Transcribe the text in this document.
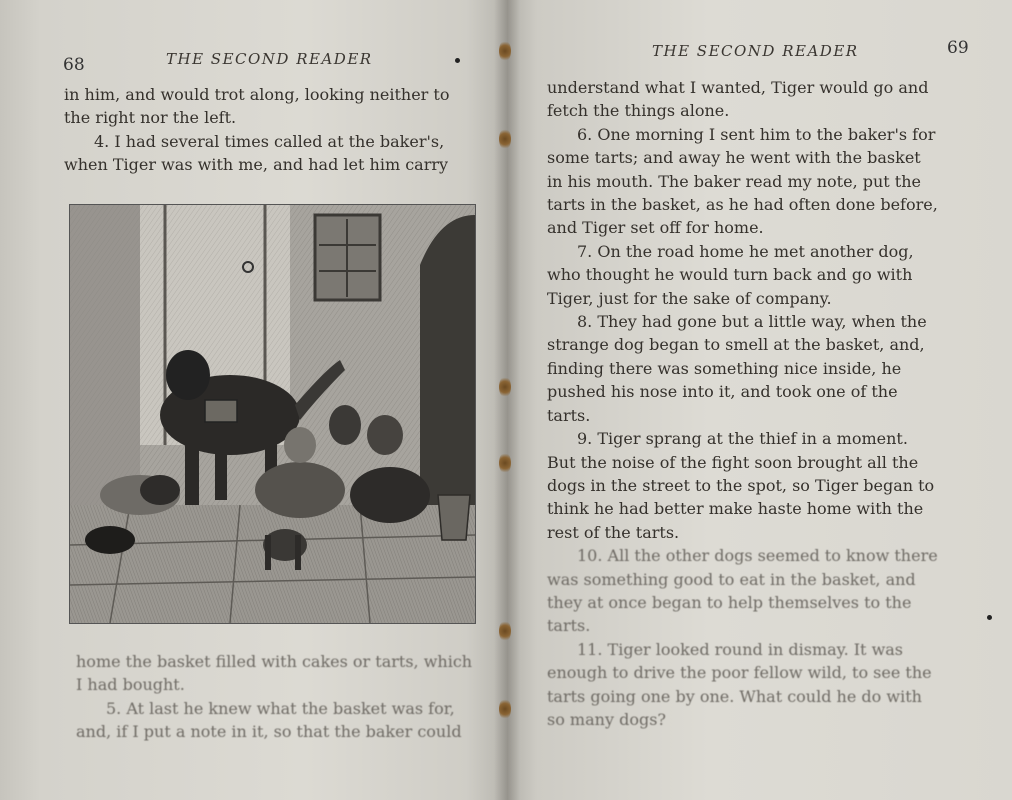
68	THE SECOND READER
in him, and would trot along, looking neither to
the right nor the left.
4. I had several times called at the baker's,
when Tiger was with me, and had let him carry
home the basket filled with cakes or tarts, which
I had bought.
5. At last he knew what the basket was for,
and, if I put a note in it, so that the baker could
THE SECOND READER	69
understand what I wanted, Tiger would go and
fetch the things alone.
6. One morning I sent him to the baker's for
some tarts; and away he went with the basket
in his mouth. The baker read my note, put the
tarts in the basket, as he had often done before,
and Tiger set off for home.
7. On the road home he met another dog,
who thought he would turn back and go with
Tiger, just for the sake of company.
8. They had gone but a little way, when the
strange dog began to smell at the basket, and,
finding there was something nice inside, he
pushed his nose into it, and took one of the
tarts.
9. Tiger sprang at the thief in a moment.
But the noise of the fight soon brought all the
dogs in the street to the spot, so Tiger began to
think he had better make haste home with the
rest of the tarts.
10. All the other dogs seemed to know there
was something good to eat in the basket, and
they at once began to help themselves to the
tarts.
11. Tiger looked round in dismay. It was
enough to drive the poor fellow wild, to see the
tarts going one by one. What could he do with
so many dogs?
